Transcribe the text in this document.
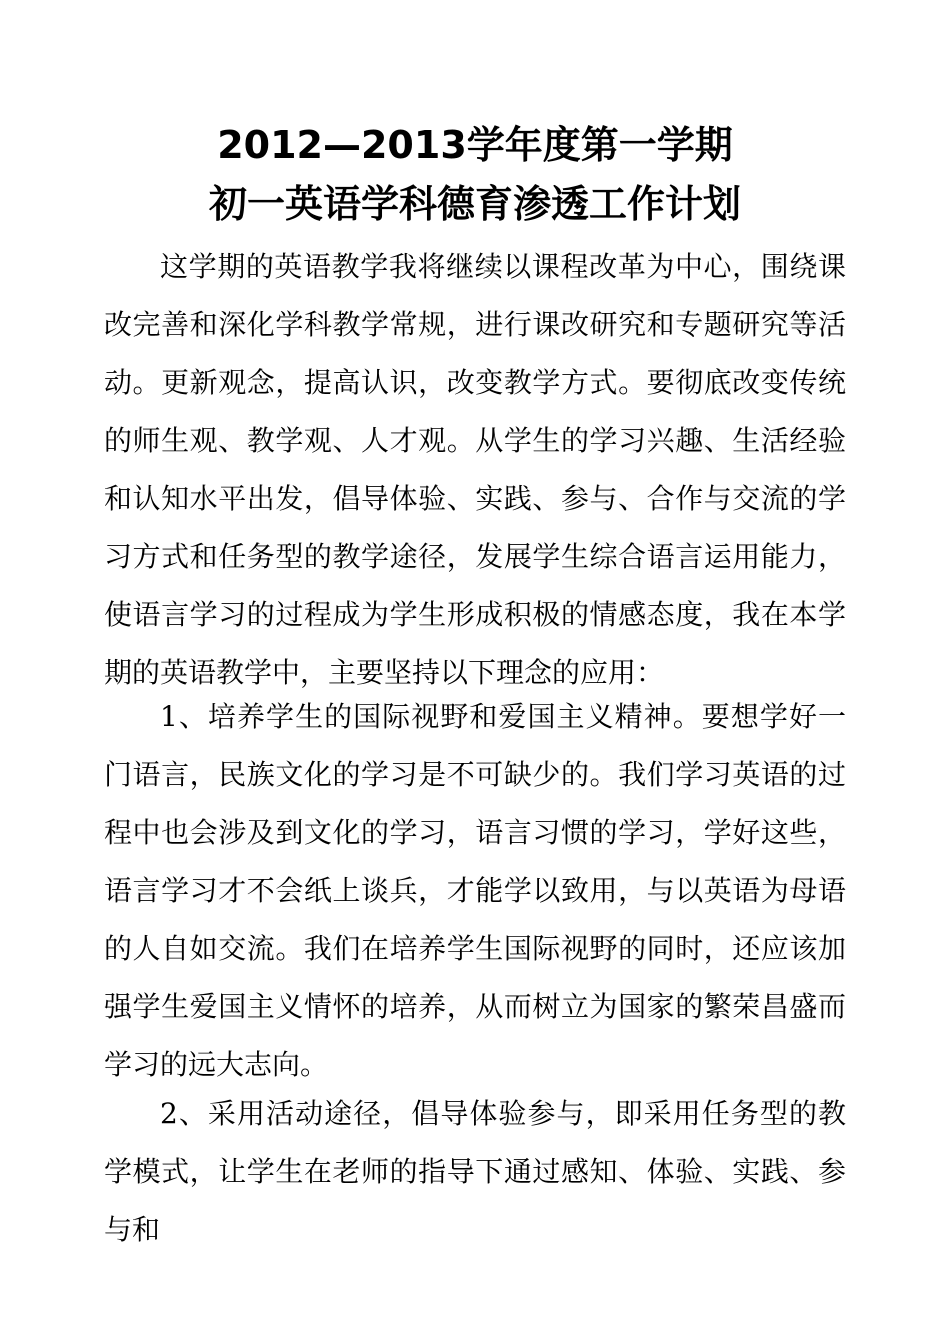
2012—2013学年度第一学期
初一英语学科德育渗透工作计划

这学期的英语教学我将继续以课程改革为中心，围绕课改完善和深化学科教学常规，进行课改研究和专题研究等活动。更新观念，提高认识，改变教学方式。要彻底改变传统的师生观、教学观、人才观。从学生的学习兴趣、生活经验和认知水平出发，倡导体验、实践、参与、合作与交流的学习方式和任务型的教学途径，发展学生综合语言运用能力，使语言学习的过程成为学生形成积极的情感态度，我在本学期的英语教学中，主要坚持以下理念的应用：

1、培养学生的国际视野和爱国主义精神。要想学好一门语言，民族文化的学习是不可缺少的。我们学习英语的过程中也会涉及到文化的学习，语言习惯的学习，学好这些，语言学习才不会纸上谈兵，才能学以致用，与以英语为母语的人自如交流。我们在培养学生国际视野的同时，还应该加强学生爱国主义情怀的培养，从而树立为国家的繁荣昌盛而学习的远大志向。

2、采用活动途径，倡导体验参与，即采用任务型的教学模式，让学生在老师的指导下通过感知、体验、实践、参与和
